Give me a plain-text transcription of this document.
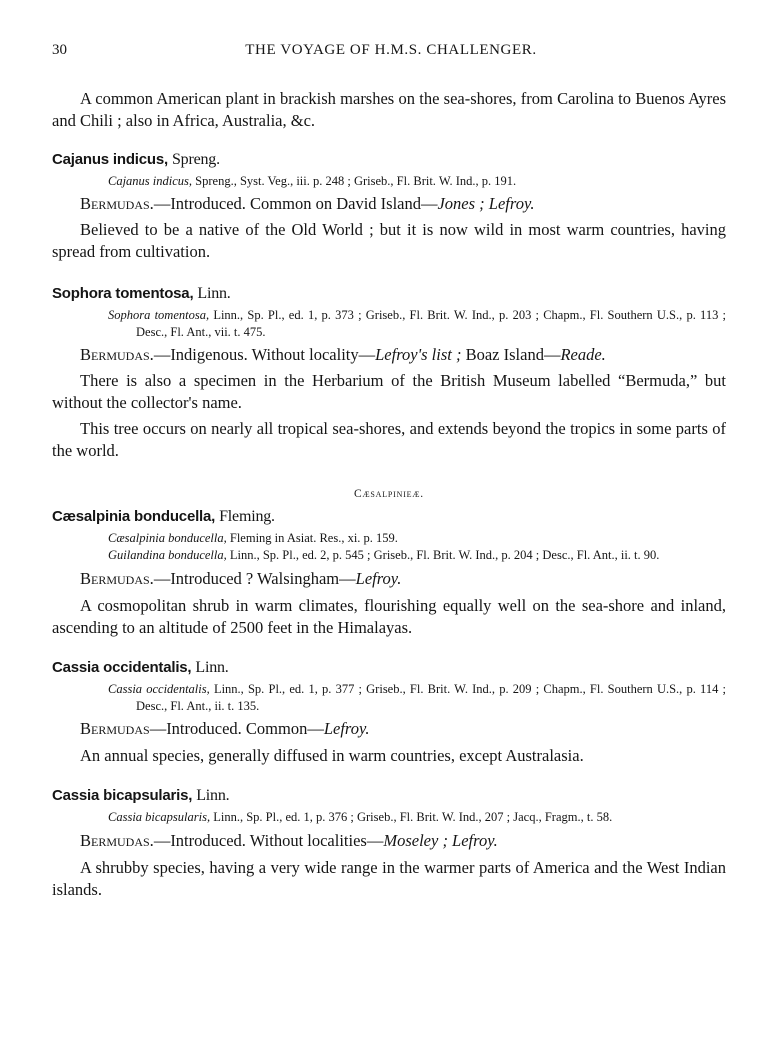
30	THE VOYAGE OF H.M.S. CHALLENGER.

A common American plant in brackish marshes on the sea-shores, from Carolina to Buenos Ayres and Chili ; also in Africa, Australia, &c.

Cajanus indicus, Spreng.

Cajanus indicus, Spreng., Syst. Veg., iii. p. 248 ; Griseb., Fl. Brit. W. Ind., p. 191.

Bermudas.—Introduced. Common on David Island—Jones ; Lefroy.

Believed to be a native of the Old World ; but it is now wild in most warm countries, having spread from cultivation.

Sophora tomentosa, Linn.

Sophora tomentosa, Linn., Sp. Pl., ed. 1, p. 373 ; Griseb., Fl. Brit. W. Ind., p. 203 ; Chapm., Fl. Southern U.S., p. 113 ; Desc., Fl. Ant., vii. t. 475.

Bermudas.—Indigenous. Without locality—Lefroy's list ; Boaz Island—Reade.

There is also a specimen in the Herbarium of the British Museum labelled “Bermuda,” but without the collector's name.

This tree occurs on nearly all tropical sea-shores, and extends beyond the tropics in some parts of the world.

Cæsalpinieæ.

Cæsalpinia bonducella, Fleming.

Cæsalpinia bonducella, Fleming in Asiat. Res., xi. p. 159.

Guilandina bonducella, Linn., Sp. Pl., ed. 2, p. 545 ; Griseb., Fl. Brit. W. Ind., p. 204 ; Desc., Fl. Ant., ii. t. 90.

Bermudas.—Introduced ? Walsingham—Lefroy.

A cosmopolitan shrub in warm climates, flourishing equally well on the sea-shore and inland, ascending to an altitude of 2500 feet in the Himalayas.

Cassia occidentalis, Linn.

Cassia occidentalis, Linn., Sp. Pl., ed. 1, p. 377 ; Griseb., Fl. Brit. W. Ind., p. 209 ; Chapm., Fl. Southern U.S., p. 114 ; Desc., Fl. Ant., ii. t. 135.

Bermudas—Introduced. Common—Lefroy.

An annual species, generally diffused in warm countries, except Australasia.

Cassia bicapsularis, Linn.

Cassia bicapsularis, Linn., Sp. Pl., ed. 1, p. 376 ; Griseb., Fl. Brit. W. Ind., 207 ; Jacq., Fragm., t. 58.

Bermudas.—Introduced. Without localities—Moseley ; Lefroy.

A shrubby species, having a very wide range in the warmer parts of America and the West Indian islands.
